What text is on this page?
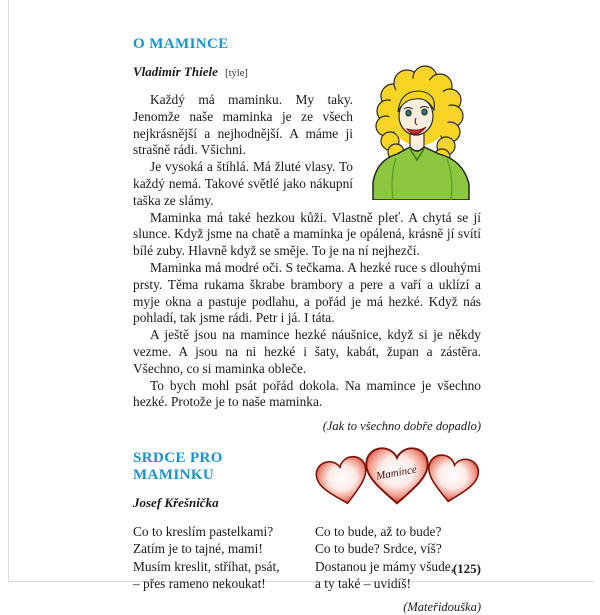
O MAMINCE

Vladimír Thiele [týle]

Každý má maminku. My taky. Jenomže naše maminka je ze všech nejkrásnější a nejhodnější. A máme ji strašně rádi. Všichni.

Je vysoká a štíhlá. Má žluté vlasy. To každý nemá. Takové světlé jako nákupní taška ze slámy.

Maminka má také hezkou kůži. Vlastně pleť. A chytá se jí slunce. Když jsme na chatě a maminka je opálená, krásně jí svítí bílé zuby. Hlavně když se směje. To je na ní nejhezčí.

Maminka má modré oči. S tečkama. A hezké ruce s dlouhými prsty. Těma rukama škrabe brambory a pere a vaří a uklízí a myje okna a pastuje podlahu, a pořád je má hezké. Když nás pohladí, tak jsme rádi. Petr i já. I táta.

A ještě jsou na mamince hezké náušnice, když si je někdy vezme. A jsou na ni hezké i šaty, kabát, župan a zástěra. Všechno, co si maminka obleče.

To bych mohl psát pořád dokola. Na mamince je všechno hezké. Protože je to naše maminka.

(Jak to všechno dobře dopadlo)

Mamince
SRDCE PRO MAMINKU

Josef Křešnička

Co to kreslím pastelkami?
Zatím je to tajné, mami!
Musím kreslit, stříhat, psát,
– přes rameno nekoukat!
Co to bude, až to bude?
Co to bude? Srdce, víš?
Dostanou je mámy všude,
a ty také – uvidíš!

(Mateřidouška)

(125)
